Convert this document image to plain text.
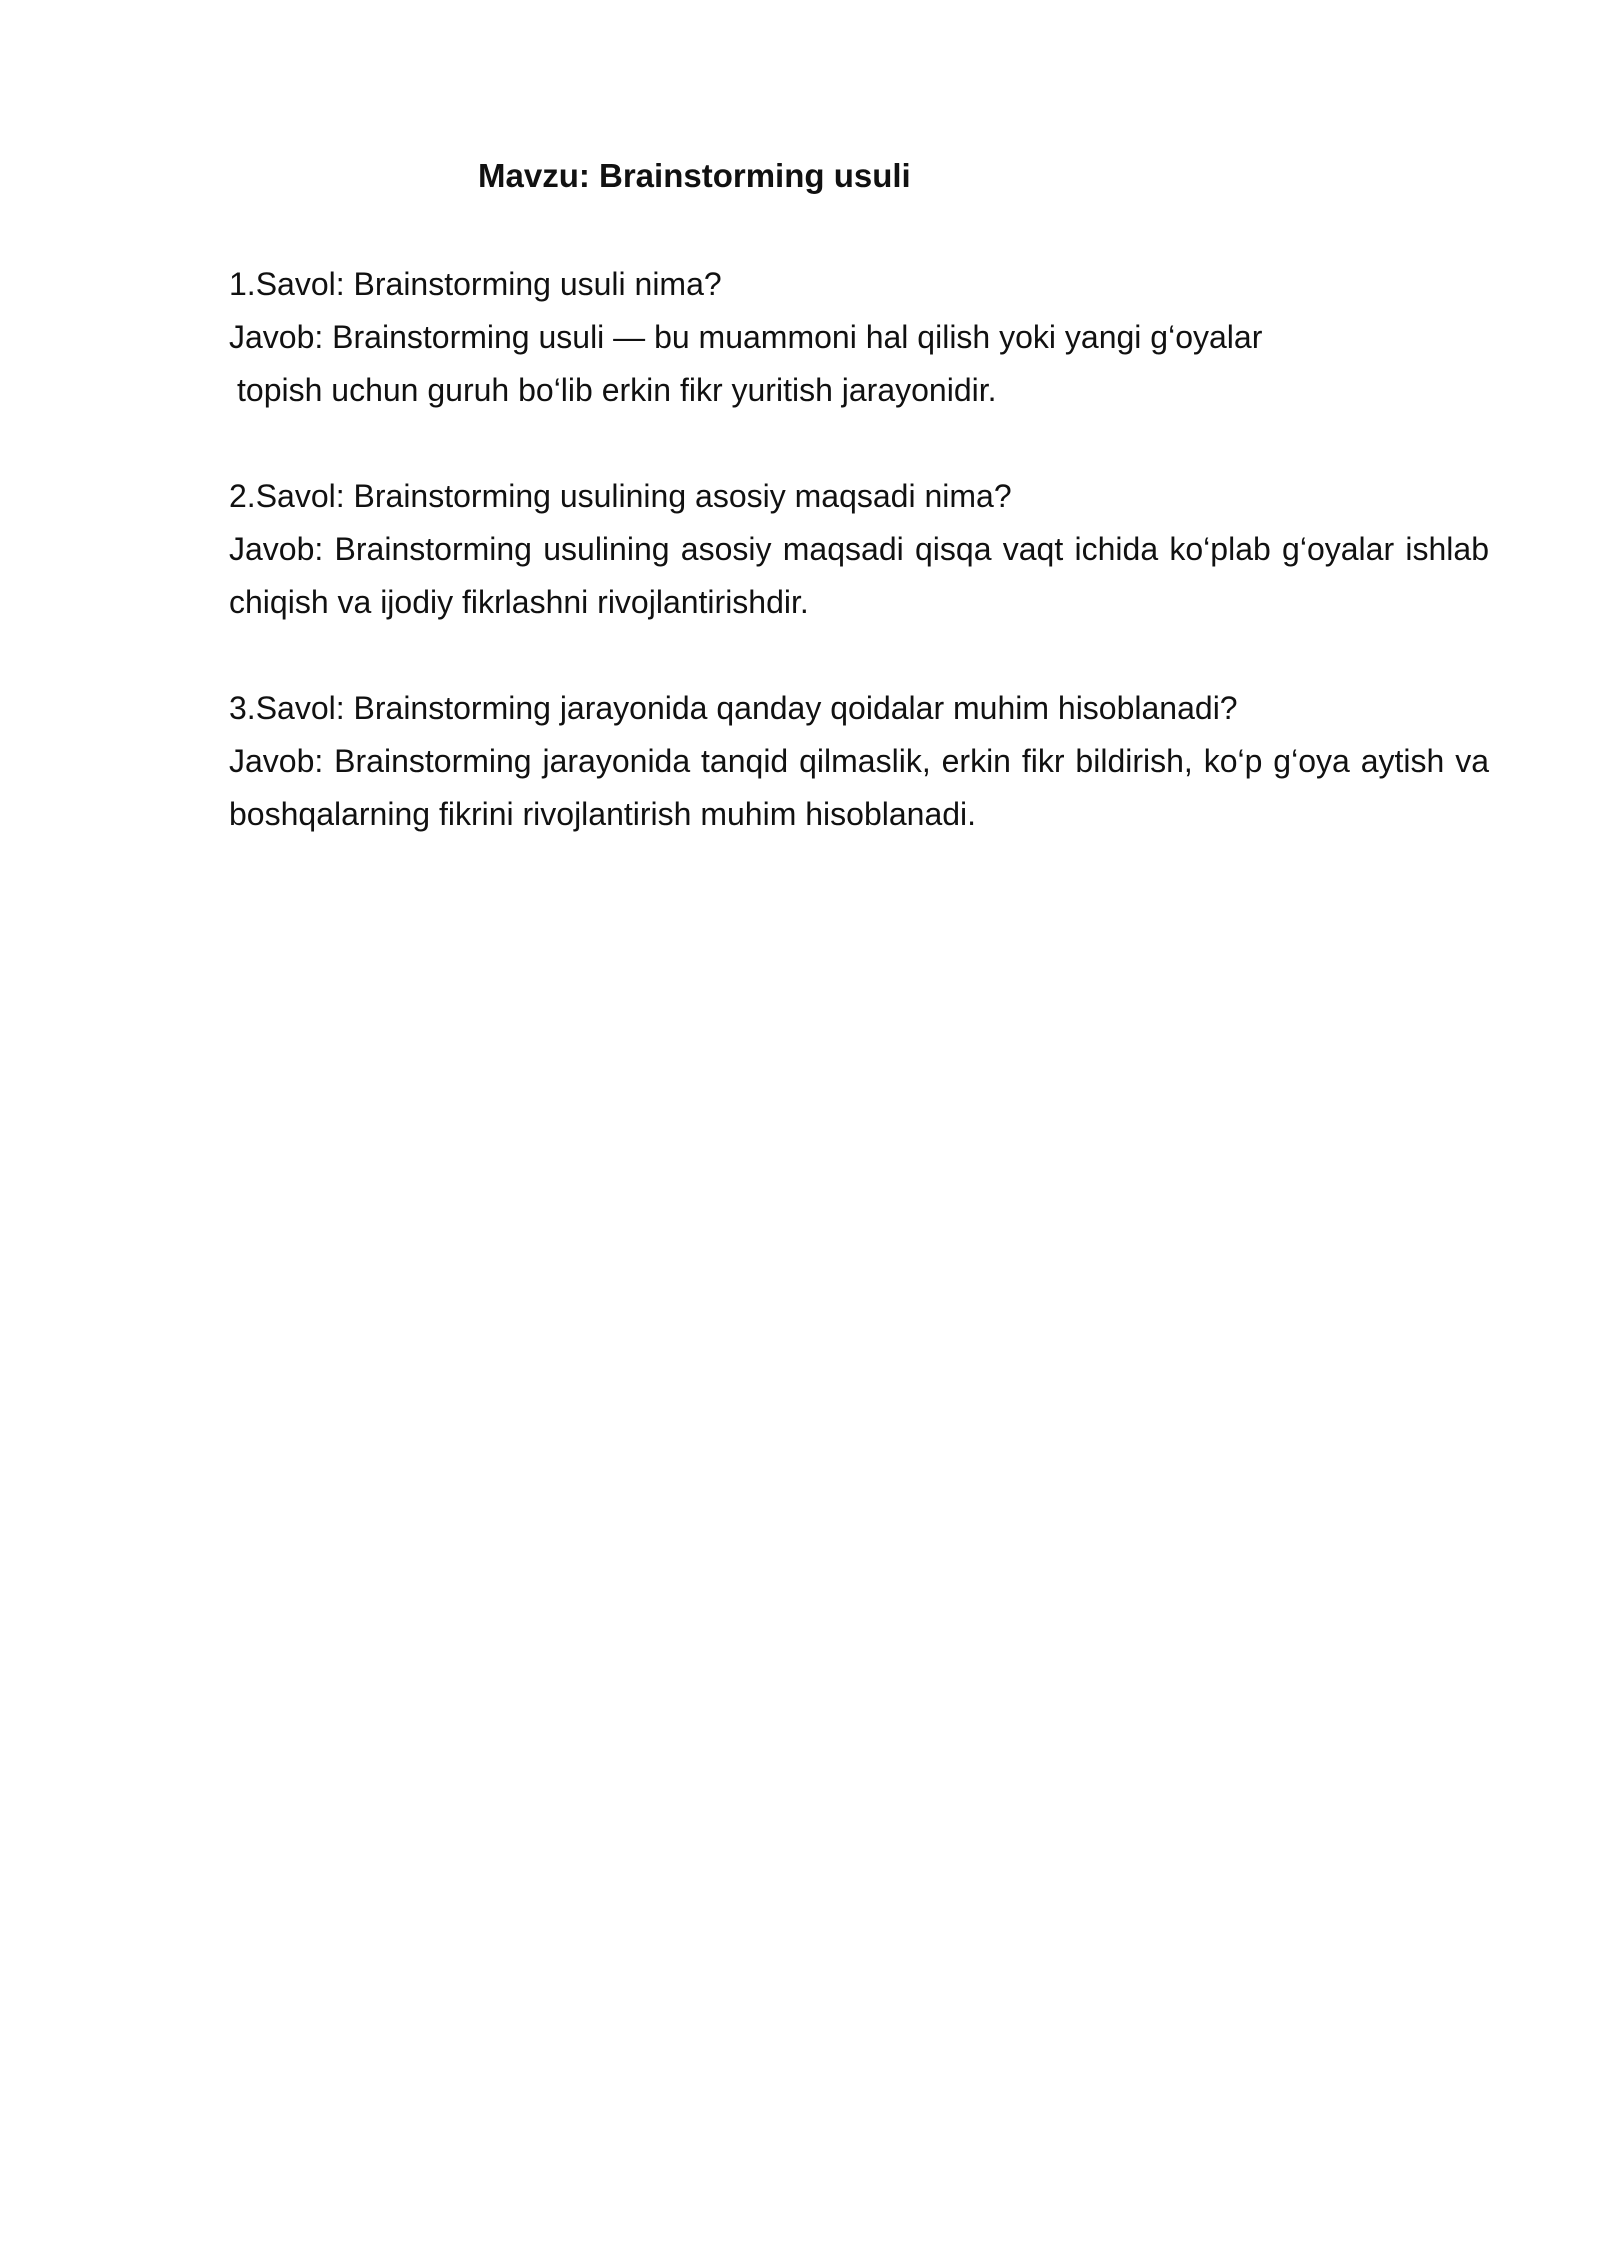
Mavzu: Brainstorming usuli

1.Savol: Brainstorming usuli nima?

Javob: Brainstorming usuli — bu muammoni hal qilish yoki yangi g‘oyalar

topish uchun guruh bo‘lib erkin fikr yuritish jarayonidir.

2.Savol: Brainstorming usulining asosiy maqsadi nima?

Javob: Brainstorming usulining asosiy maqsadi qisqa vaqt ichida ko‘plab g‘oyalar ishlab chiqish va ijodiy fikrlashni rivojlantirishdir.

3.Savol: Brainstorming jarayonida qanday qoidalar muhim hisoblanadi?

Javob: Brainstorming jarayonida tanqid qilmaslik, erkin fikr bildirish, ko‘p g‘oya aytish va boshqalarning fikrini rivojlantirish muhim hisoblanadi.
